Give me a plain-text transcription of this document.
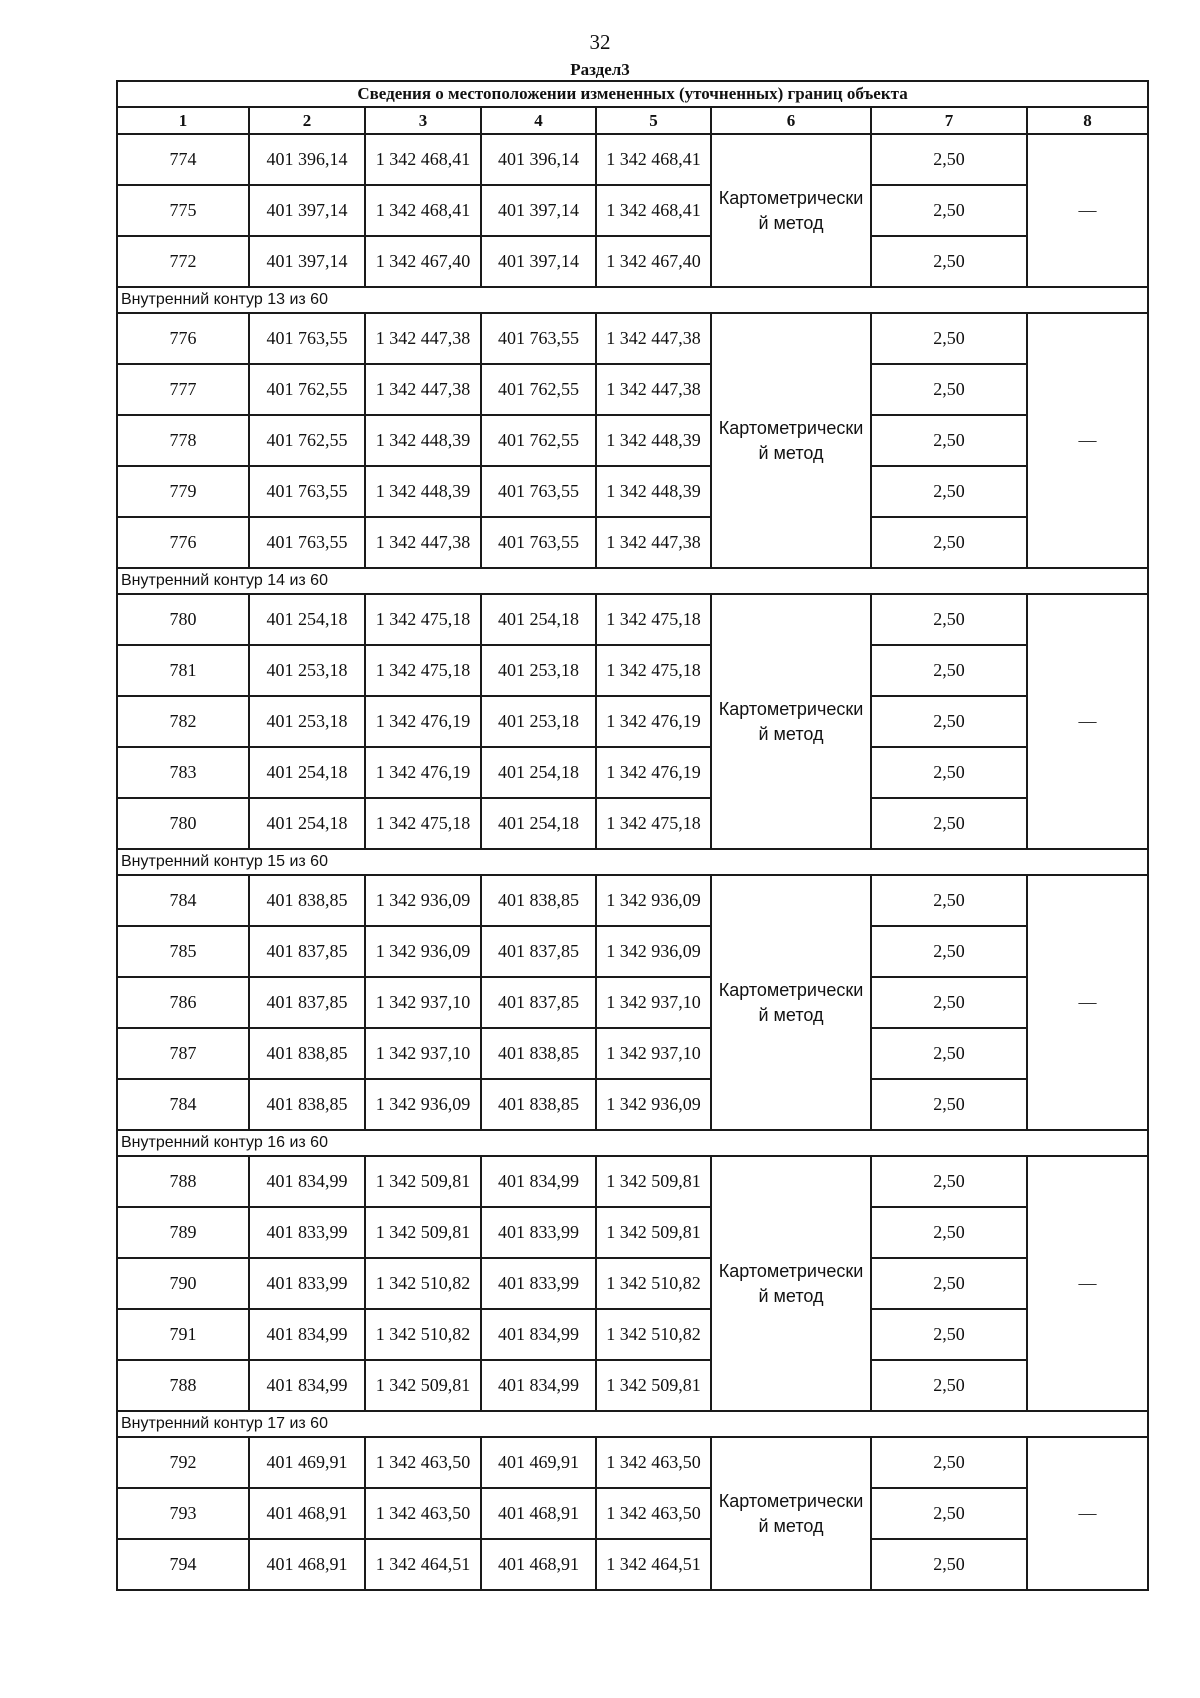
32
Раздел3
Сведения о местоположении измененных (уточненных) границ объекта							
1	2	3	4	5	6	7	8
774	401 396,14	1 342 468,41	401 396,14	1 342 468,41	Картометрически й метод	2,50	—
775	401 397,14	1 342 468,41	401 397,14	1 342 468,41		2,50	
772	401 397,14	1 342 467,40	401 397,14	1 342 467,40		2,50	
Внутренний контур 13 из 60							
776	401 763,55	1 342 447,38	401 763,55	1 342 447,38	Картометрически й метод	2,50	—
777	401 762,55	1 342 447,38	401 762,55	1 342 447,38		2,50	
778	401 762,55	1 342 448,39	401 762,55	1 342 448,39		2,50	
779	401 763,55	1 342 448,39	401 763,55	1 342 448,39		2,50	
776	401 763,55	1 342 447,38	401 763,55	1 342 447,38		2,50	
Внутренний контур 14 из 60							
780	401 254,18	1 342 475,18	401 254,18	1 342 475,18	Картометрически й метод	2,50	—
781	401 253,18	1 342 475,18	401 253,18	1 342 475,18		2,50	
782	401 253,18	1 342 476,19	401 253,18	1 342 476,19		2,50	
783	401 254,18	1 342 476,19	401 254,18	1 342 476,19		2,50	
780	401 254,18	1 342 475,18	401 254,18	1 342 475,18		2,50	
Внутренний контур 15 из 60							
784	401 838,85	1 342 936,09	401 838,85	1 342 936,09	Картометрически й метод	2,50	—
785	401 837,85	1 342 936,09	401 837,85	1 342 936,09		2,50	
786	401 837,85	1 342 937,10	401 837,85	1 342 937,10		2,50	
787	401 838,85	1 342 937,10	401 838,85	1 342 937,10		2,50	
784	401 838,85	1 342 936,09	401 838,85	1 342 936,09		2,50	
Внутренний контур 16 из 60							
788	401 834,99	1 342 509,81	401 834,99	1 342 509,81	Картометрически й метод	2,50	—
789	401 833,99	1 342 509,81	401 833,99	1 342 509,81		2,50	
790	401 833,99	1 342 510,82	401 833,99	1 342 510,82		2,50	
791	401 834,99	1 342 510,82	401 834,99	1 342 510,82		2,50	
788	401 834,99	1 342 509,81	401 834,99	1 342 509,81		2,50	
Внутренний контур 17 из 60							
792	401 469,91	1 342 463,50	401 469,91	1 342 463,50	Картометрически й метод	2,50	—
793	401 468,91	1 342 463,50	401 468,91	1 342 463,50		2,50	
794	401 468,91	1 342 464,51	401 468,91	1 342 464,51		2,50	
